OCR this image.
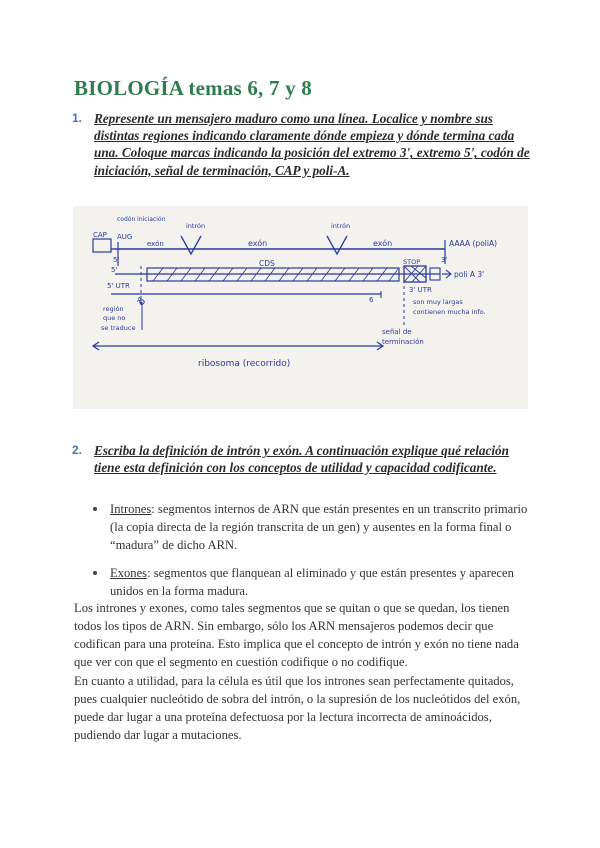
BIOLOGÍA temas 6, 7 y 8
1. Represente un mensajero maduro como una línea. Localice y nombre sus distintas regiones indicando claramente dónde empieza y dónde termina cada una. Coloque marcas indicando la posición del extremo 3', extremo 5', codón de iniciación, señal de terminación, CAP y poli-A.
CAP
codón iniciación
AUG
intrón	intrón
exón	exón	exón	AAAA (poliA)
5'	3'
5'
CDS	STOP
poli A 3'
5' UTR
región
que no
se traduce
3' UTR
son muy largas
contienen mucha info.
A	6
señal de
terminación
ribosoma (recorrido)
2. Escriba la definición de intrón y exón. A continuación explique qué relación tiene esta definición con los conceptos de utilidad y capacidad codificante.
Intrones: segmentos internos de ARN que están presentes en un transcrito primario (la copia directa de la región transcrita de un gen) y ausentes en la forma final o “madura” de dicho ARN.
Exones: segmentos que flanquean al eliminado y que están presentes y aparecen unidos en la forma madura.

Los intrones y exones, como tales segmentos que se quitan o que se quedan, los tienen todos los tipos de ARN. Sin embargo, sólo los ARN mensajeros podemos decir que codifican para una proteína. Esto implica que el concepto de intrón y exón no tiene nada que ver con que el segmento en cuestión codifique o no codifique.

En cuanto a utilidad, para la célula es útil que los intrones sean perfectamente quitados, pues cualquier nucleótido de sobra del intrón, o la supresión de los nucleótidos del exón, puede dar lugar a una proteína defectuosa por la lectura incorrecta de aminoácidos, pudiendo dar lugar a mutaciones.
